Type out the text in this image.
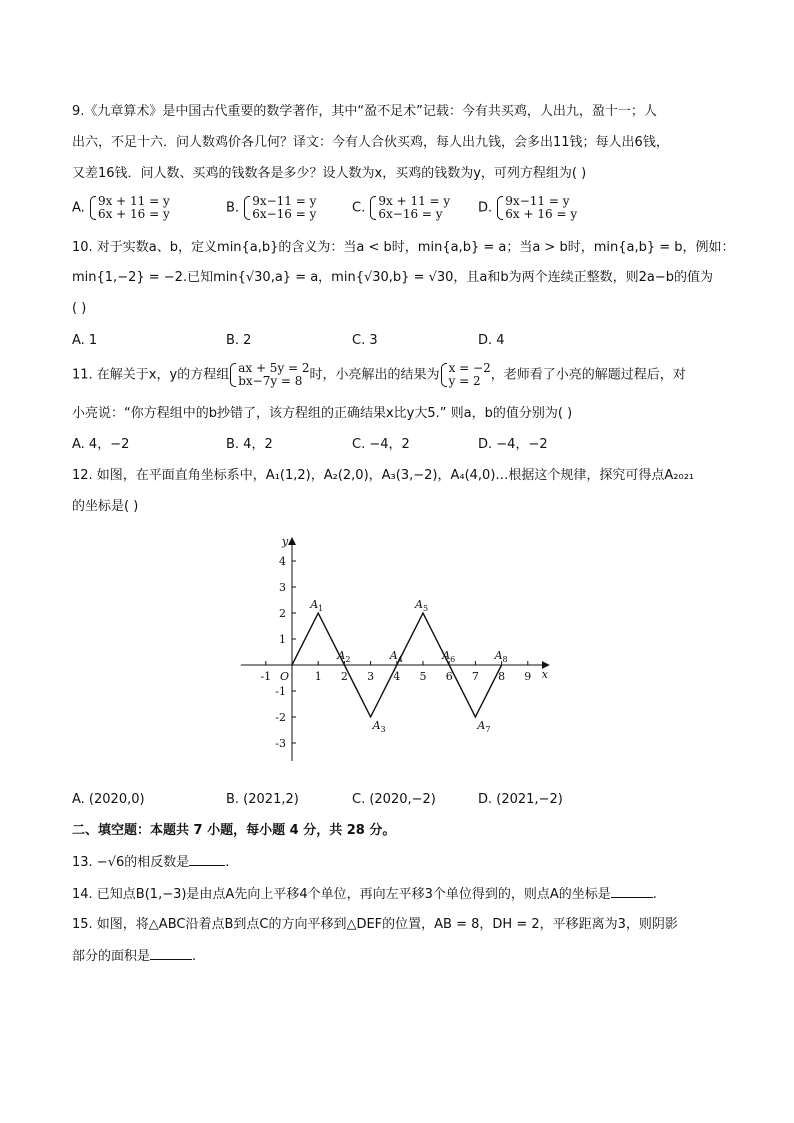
9.《九章算术》是中国古代重要的数学著作，其中“盈不足术”记载：今有共买鸡，人出九，盈十一；人
出六，不足十六．问人数鸡价各几何？译文：今有人合伙买鸡，每人出九钱，会多出11钱；每人出6钱，
又差16钱．问人数、买鸡的钱数各是多少？设人数为x，买鸡的钱数为y，可列方程组为( )
A. 9x + 11 = y
6x + 16 = y	B. 9x−11 = y
6x−16 = y	C. 9x + 11 = y
6x−16 = y	D. 9x−11 = y
6x + 16 = y
10. 对于实数a、b，定义min{a,b}的含义为：当a < b时，min{a,b} = a；当a > b时，min{a,b} = b，例如：
min{1,−2} = −2.已知min{√30,a} = a，min{√30,b} = √30，且a和b为两个连续正整数，则2a−b的值为
( )
A. 1	B. 2	C. 3	D. 4
11. 在解关于x，y的方程组 ax + 5y = 2
bx−7y = 8 时，小亮解出的结果为 x = −2
y = 2 ，老师看了小亮的解题过程后，对
小亮说：“你方程组中的b抄错了，该方程组的正确结果x比y大5.” 则a，b的值分别为( )
A. 4，−2	B. 4，2	C. −4，2	D. −4，−2
12. 如图，在平面直角坐标系中，A₁(1,2)，A₂(2,0)，A₃(3,−2)，A₄(4,0)…根据这个规律，探究可得点A₂₀₂₁
的坐标是( )
-1	1 2 3 4 5 6 7 8 9
4
3
2
1
-1
-2
-3
O	x
y
$A_1$
$A_2$
$A_3$
$A_4$
$A_5$
$A_6$
$A_7$
$A_8$
A. (2020,0)	B. (2021,2)	C. (2020,−2)	D. (2021,−2)
二、填空题：本题共 7 小题，每小题 4 分，共 28 分。
13. −√6的相反数是	.
14. 已知点B(1,−3)是由点A先向上平移4个单位，再向左平移3个单位得到的，则点A的坐标是	.
15. 如图，将△ABC沿着点B到点C的方向平移到△DEF的位置，AB = 8，DH = 2，平移距离为3，则阴影
部分的面积是	.
